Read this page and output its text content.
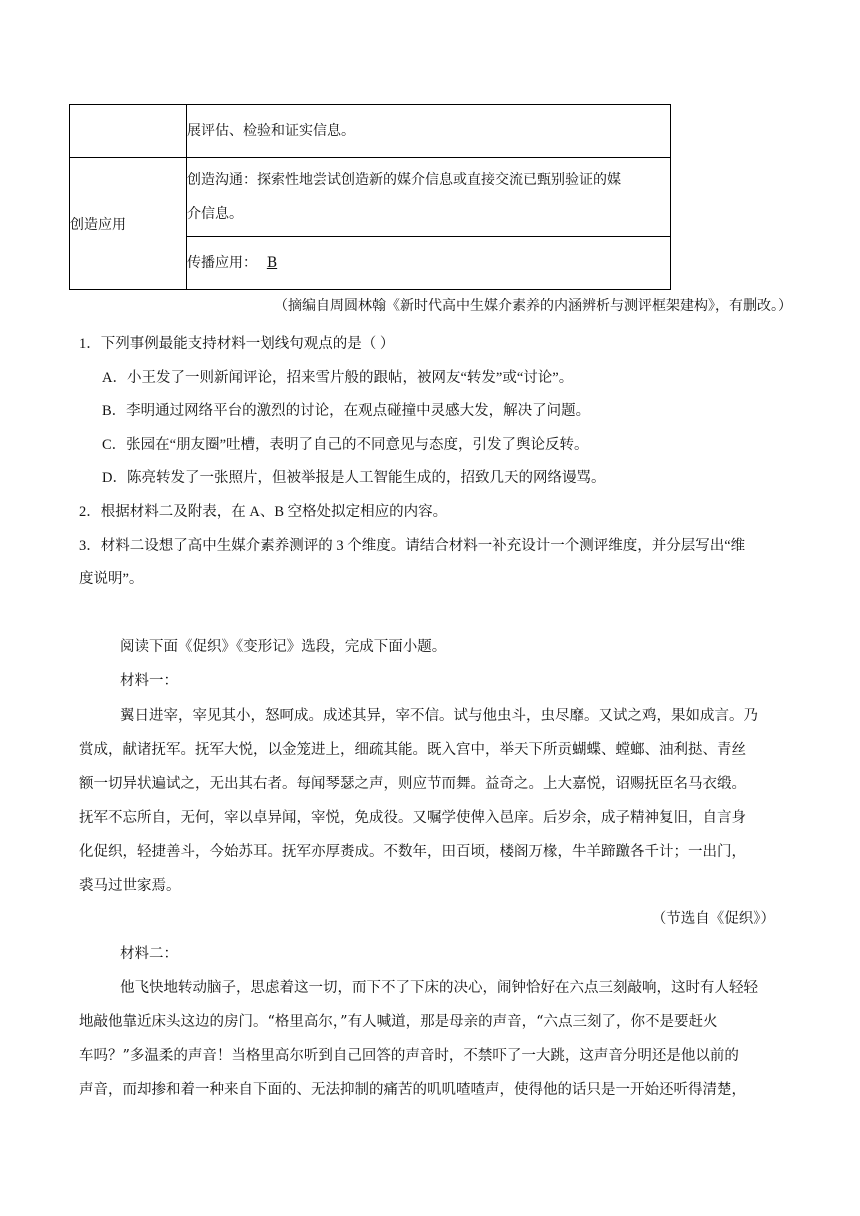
	展评估、检验和证实信息。
创造应用	创造沟通：探索性地尝试创造新的媒介信息或直接交流已甄别验证的媒
介信息。

	传播应用： B
（摘编自周圆林翰《新时代高中生媒介素养的内涵辨析与测评框架建构》，有删改。）
1．下列事例最能支持材料一划线句观点的是（ ）
A．小王发了一则新闻评论，招来雪片般的跟帖，被网友“转发”或“讨论”。
B．李明通过网络平台的激烈的讨论，在观点碰撞中灵感大发，解决了问题。
C．张园在“朋友圈”吐槽，表明了自己的不同意见与态度，引发了舆论反转。
D．陈亮转发了一张照片，但被举报是人工智能生成的，招致几天的网络谩骂。
2．根据材料二及附表，在 A、B 空格处拟定相应的内容。
3．材料二设想了高中生媒介素养测评的 3 个维度。请结合材料一补充设计一个测评维度，并分层写出“维
度说明”。
阅读下面《促织》《变形记》选段，完成下面小题。
材料一：
翼日进宰，宰见其小，怒呵成。成述其异，宰不信。试与他虫斗，虫尽靡。又试之鸡，果如成言。乃
赏成，献诸抚军。抚军大悦，以金笼进上，细疏其能。既入宫中，举天下所贡蝴蝶、螳螂、油利挞、青丝
额一切异状遍试之，无出其右者。每闻琴瑟之声，则应节而舞。益奇之。上大嘉悦，诏赐抚臣名马衣缎。
抚军不忘所自，无何，宰以卓异闻，宰悦，免成役。又嘱学使俾入邑庠。后岁余，成子精神复旧，自言身
化促织，轻捷善斗，今始苏耳。抚军亦厚赉成。不数年，田百顷，楼阁万椽，牛羊蹄躈各千计；一出门，
裘马过世家焉。
（节选自《促织》）
材料二：
他飞快地转动脑子，思虑着这一切，而下不了下床的决心，闹钟恰好在六点三刻敲响，这时有人轻轻
地敲他靠近床头这边的房门。“格里高尔，”有人喊道，那是母亲的声音，“六点三刻了，你不是要赶火
车吗？”多温柔的声音！当格里高尔听到自己回答的声音时，不禁吓了一大跳，这声音分明还是他以前的
声音，而却掺和着一种来自下面的、无法抑制的痛苦的叽叽喳喳声，使得他的话只是一开始还听得清楚，
